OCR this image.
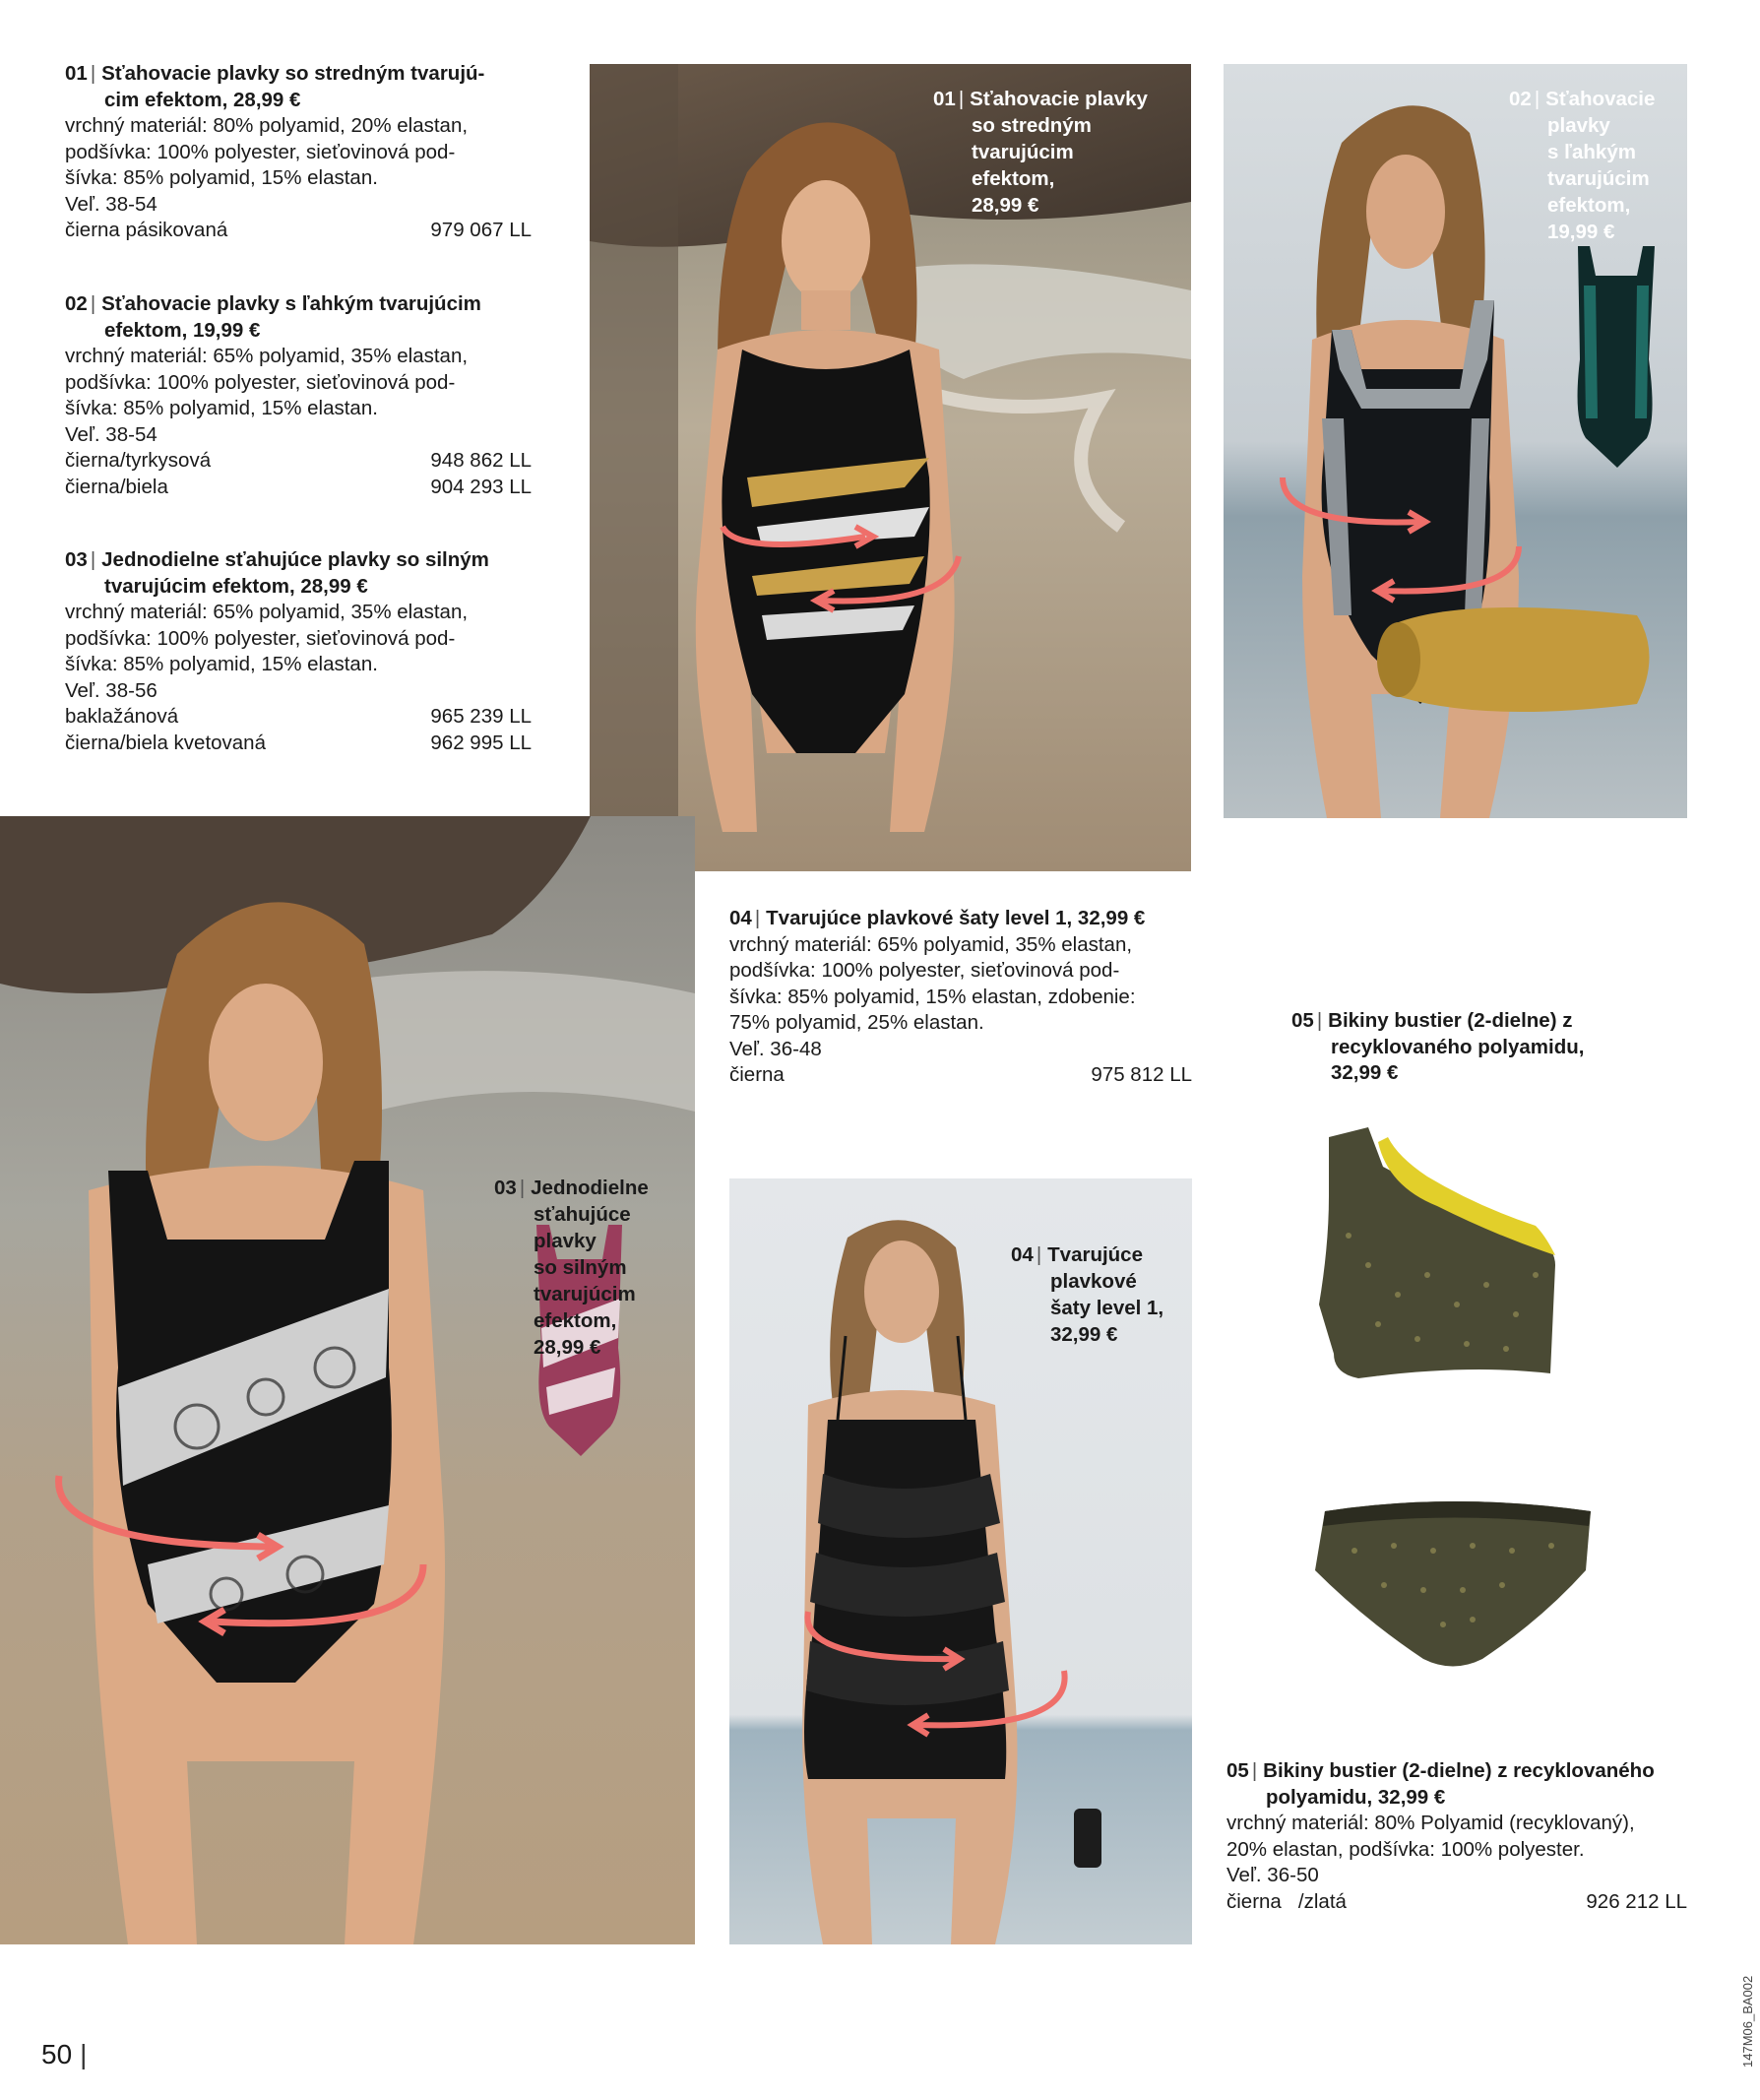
01 | Sťahovacie plavky so stredným tvarujú-
cim efektom, 28,99 €
vrchný materiál: 80% polyamid, 20% elastan,
podšívka: 100% polyester, sieťovinová pod-
šívka: 85% polyamid, 15% elastan.
Veľ. 38-54
čierna pásikovaná	979 067 LL
02 | Sťahovacie plavky s ľahkým tvarujúcim
efektom, 19,99 €
vrchný materiál: 65% polyamid, 35% elastan,
podšívka: 100% polyester, sieťovinová pod-
šívka: 85% polyamid, 15% elastan.
Veľ. 38-54
čierna/tyrkysová	948 862 LL
čierna/biela	904 293 LL
03 | Jednodielne sťahujúce plavky so silným
tvarujúcim efektom, 28,99 €
vrchný materiál: 65% polyamid, 35% elastan,
podšívka: 100% polyester, sieťovinová pod-
šívka: 85% polyamid, 15% elastan.
Veľ. 38-56
baklažánová	965 239 LL
čierna/biela kvetovaná	962 995 LL
01 | Sťahovacie plavky
so stredným
tvarujúcim
efektom,
28,99 €
02 | Sťahovacie
plavky
s ľahkým
tvarujúcim
efektom,
19,99 €
03 | Jednodielne
sťahujúce
plavky
so silným
tvarujúcim
efektom,
28,99 €
04 | Tvarujúce plavkové šaty level 1, 32,99 €
vrchný materiál: 65% polyamid, 35% elastan,
podšívka: 100% polyester, sieťovinová pod-
šívka: 85% polyamid, 15% elastan, zdobenie:
75% polyamid, 25% elastan.
Veľ. 36-48
čierna	975 812 LL
04 | Tvarujúce
plavkové
šaty level 1,
32,99 €
05 | Bikiny bustier (2-dielne) z
recyklovaného polyamidu,
32,99 €
05 | Bikiny bustier (2-dielne) z recyklovaného
polyamidu, 32,99 €
vrchný materiál: 80% Polyamid (recyklovaný),
20% elastan, podšívka: 100% polyester.
Veľ. 36-50
čierna   /zlatá	926 212 LL
50 |	147M06_BA002
